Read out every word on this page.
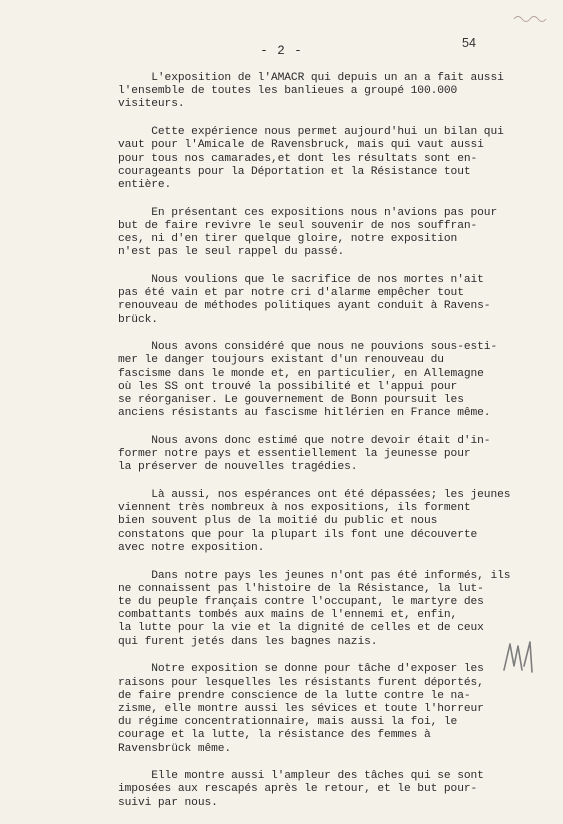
54
- 2 -
L'exposition de l'AMACR qui depuis un an a fait aussi
l'ensemble de toutes les banlieues a groupé 100.000
visiteurs.
Cette expérience nous permet aujourd'hui un bilan qui
vaut pour l'Amicale de Ravensbruck, mais qui vaut aussi
pour tous nos camarades,et dont les résultats sont en-
courageants pour la Déportation et la Résistance tout
entière.
En présentant ces expositions nous n'avions pas pour
but de faire revivre le seul souvenir de nos souffran-
ces, ni d'en tirer quelque gloire, notre exposition
n'est pas le seul rappel du passé.
Nous voulions que le sacrifice de nos mortes n'ait
pas été vain et par notre cri d'alarme empêcher tout
renouveau de méthodes politiques ayant conduit à Ravens-
brück.
Nous avons considéré que nous ne pouvions sous-esti-
mer le danger toujours existant d'un renouveau du
fascisme dans le monde et, en particulier, en Allemagne
où les SS ont trouvé la possibilité et l'appui pour
se réorganiser. Le gouvernement de Bonn poursuit les
anciens résistants au fascisme hitlérien en France même.
Nous avons donc estimé que notre devoir était d'in-
former notre pays et essentiellement la jeunesse pour
la préserver de nouvelles tragédies.
Là aussi, nos espérances ont été dépassées; les jeunes
viennent très nombreux à nos expositions, ils forment
bien souvent plus de la moitié du public et nous
constatons que pour la plupart ils font une découverte
avec notre exposition.
Dans notre pays les jeunes n'ont pas été informés, ils
ne connaissent pas l'histoire de la Résistance, la lut-
te du peuple français contre l'occupant, le martyre des
combattants tombés aux mains de l'ennemi et, enfin,
la lutte pour la vie et la dignité de celles et de ceux
qui furent jetés dans les bagnes nazis.
Notre exposition se donne pour tâche d'exposer les
raisons pour lesquelles les résistants furent déportés,
de faire prendre conscience de la lutte contre le na-
zisme, elle montre aussi les sévices et toute l'horreur
du régime concentrationnaire, mais aussi la foi, le
courage et la lutte, la résistance des femmes à
Ravensbrück même.
Elle montre aussi l'ampleur des tâches qui se sont
imposées aux rescapés après le retour, et le but pour-
suivi par nous.
